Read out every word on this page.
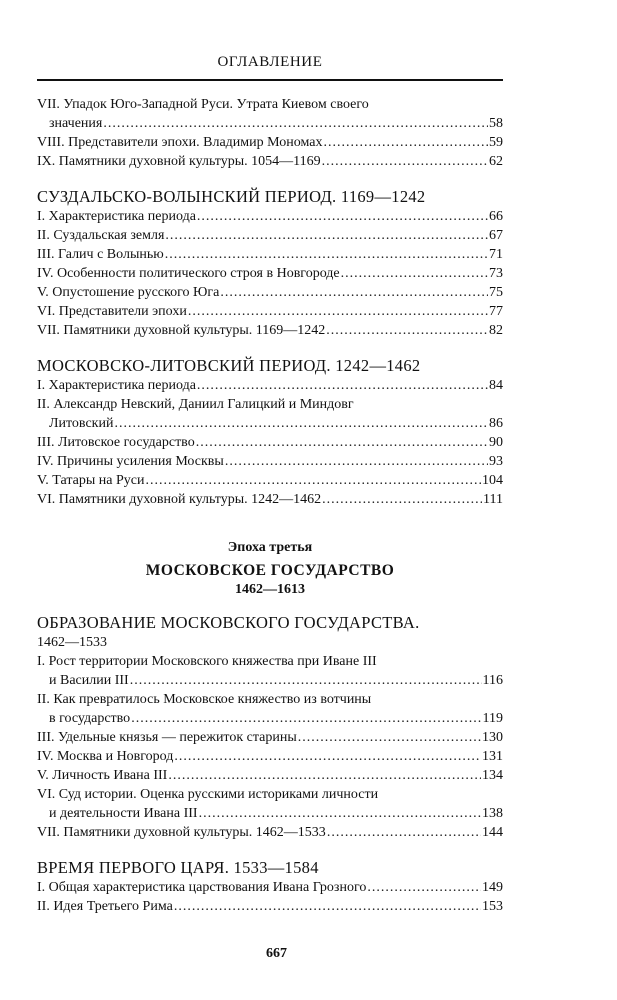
ОГЛАВЛЕНИЕ
VII. Упадок Юго-Западной Руси. Утрата Киевом своего
значения .....	58
VIII. Представители эпохи. Владимир Мономах .....	59
IX. Памятники духовной культуры. 1054—1169 .....	62
СУЗДАЛЬСКО-ВОЛЫНСКИЙ ПЕРИОД. 1169—1242
I. Характеристика периода .....	66
II. Суздальская земля .....	67
III. Галич с Волынью .....	71
IV. Особенности политического строя в Новгороде .....	73
V. Опустошение русского Юга .....	75
VI. Представители эпохи .....	77
VII. Памятники духовной культуры. 1169—1242 .....	82
МОСКОВСКО-ЛИТОВСКИЙ ПЕРИОД. 1242—1462
I. Характеристика периода .....	84
II. Александр Невский, Даниил Галицкий и Миндовг
Литовский .....	86
III. Литовское государство .....	90
IV. Причины усиления Москвы .....	93
V. Татары на Руси .....	104
VI. Памятники духовной культуры. 1242—1462 .....	111
Эпоха третья
МОСКОВСКОЕ ГОСУДАРСТВО
1462—1613
ОБРАЗОВАНИЕ МОСКОВСКОГО ГОСУДАРСТВА.
1462—1533
I. Рост территории Московского княжества при Иване III
и Василии III .....	116
II. Как превратилось Московское княжество из вотчины
в государство .....	119
III. Удельные князья — пережиток старины .....	130
IV. Москва и Новгород .....	131
V. Личность Ивана III .....	134
VI. Суд истории. Оценка русскими историками личности
и деятельности Ивана III .....	138
VII. Памятники духовной культуры. 1462—1533 .....	144
ВРЕМЯ ПЕРВОГО ЦАРЯ. 1533—1584
I. Общая характеристика царствования Ивана Грозного .....	149
II. Идея Третьего Рима .....	153
667
